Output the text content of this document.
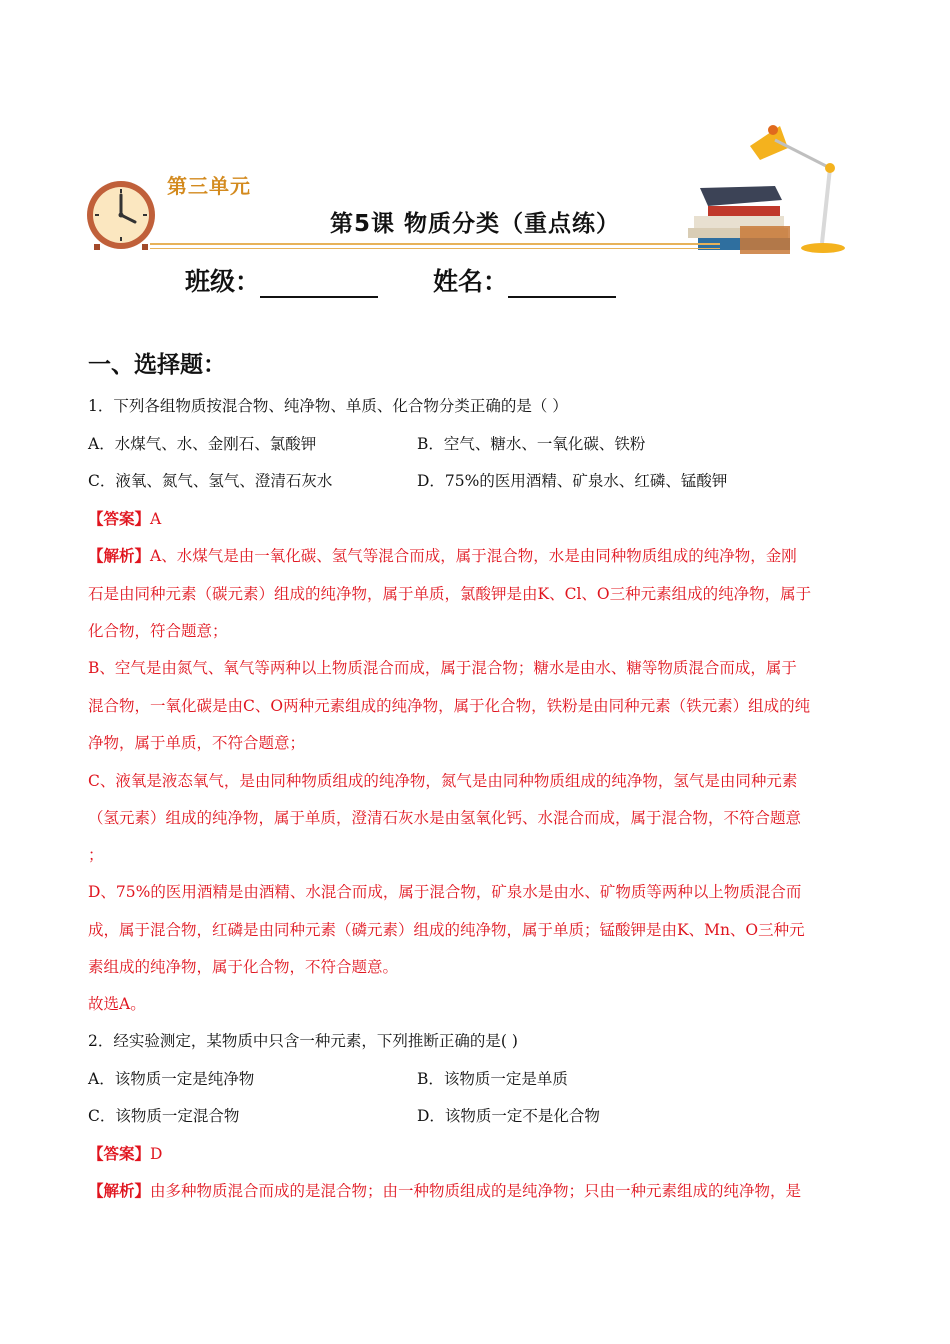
第三单元
第5课 物质分类（重点练）
班级：	姓名：
一、选择题：
1．下列各组物质按混合物、纯净物、单质、化合物分类正确的是（ ）
A．水煤气、水、金刚石、氯酸钾	B．空气、糖水、一氧化碳、铁粉
C．液氧、氮气、氢气、澄清石灰水	D．75%的医用酒精、矿泉水、红磷、锰酸钾
【答案】A
【解析】A、水煤气是由一氧化碳、氢气等混合而成，属于混合物，水是由同种物质组成的纯净物，金刚
石是由同种元素（碳元素）组成的纯净物，属于单质，氯酸钾是由K、Cl、O三种元素组成的纯净物，属于
化合物，符合题意；
B、空气是由氮气、氧气等两种以上物质混合而成，属于混合物；糖水是由水、糖等物质混合而成，属于
混合物，一氧化碳是由C、O两种元素组成的纯净物，属于化合物，铁粉是由同种元素（铁元素）组成的纯
净物，属于单质，不符合题意；
C、液氧是液态氧气，是由同种物质组成的纯净物，氮气是由同种物质组成的纯净物，氢气是由同种元素
（氢元素）组成的纯净物，属于单质，澄清石灰水是由氢氧化钙、水混合而成，属于混合物，不符合题意
；
D、75%的医用酒精是由酒精、水混合而成，属于混合物，矿泉水是由水、矿物质等两种以上物质混合而
成，属于混合物，红磷是由同种元素（磷元素）组成的纯净物，属于单质；锰酸钾是由K、Mn、O三种元
素组成的纯净物，属于化合物，不符合题意。
故选A。
2．经实验测定，某物质中只含一种元素，下列推断正确的是( )
A．该物质一定是纯净物	B．该物质一定是单质
C．该物质一定混合物	D．该物质一定不是化合物
【答案】D
【解析】由多种物质混合而成的是混合物；由一种物质组成的是纯净物；只由一种元素组成的纯净物，是
